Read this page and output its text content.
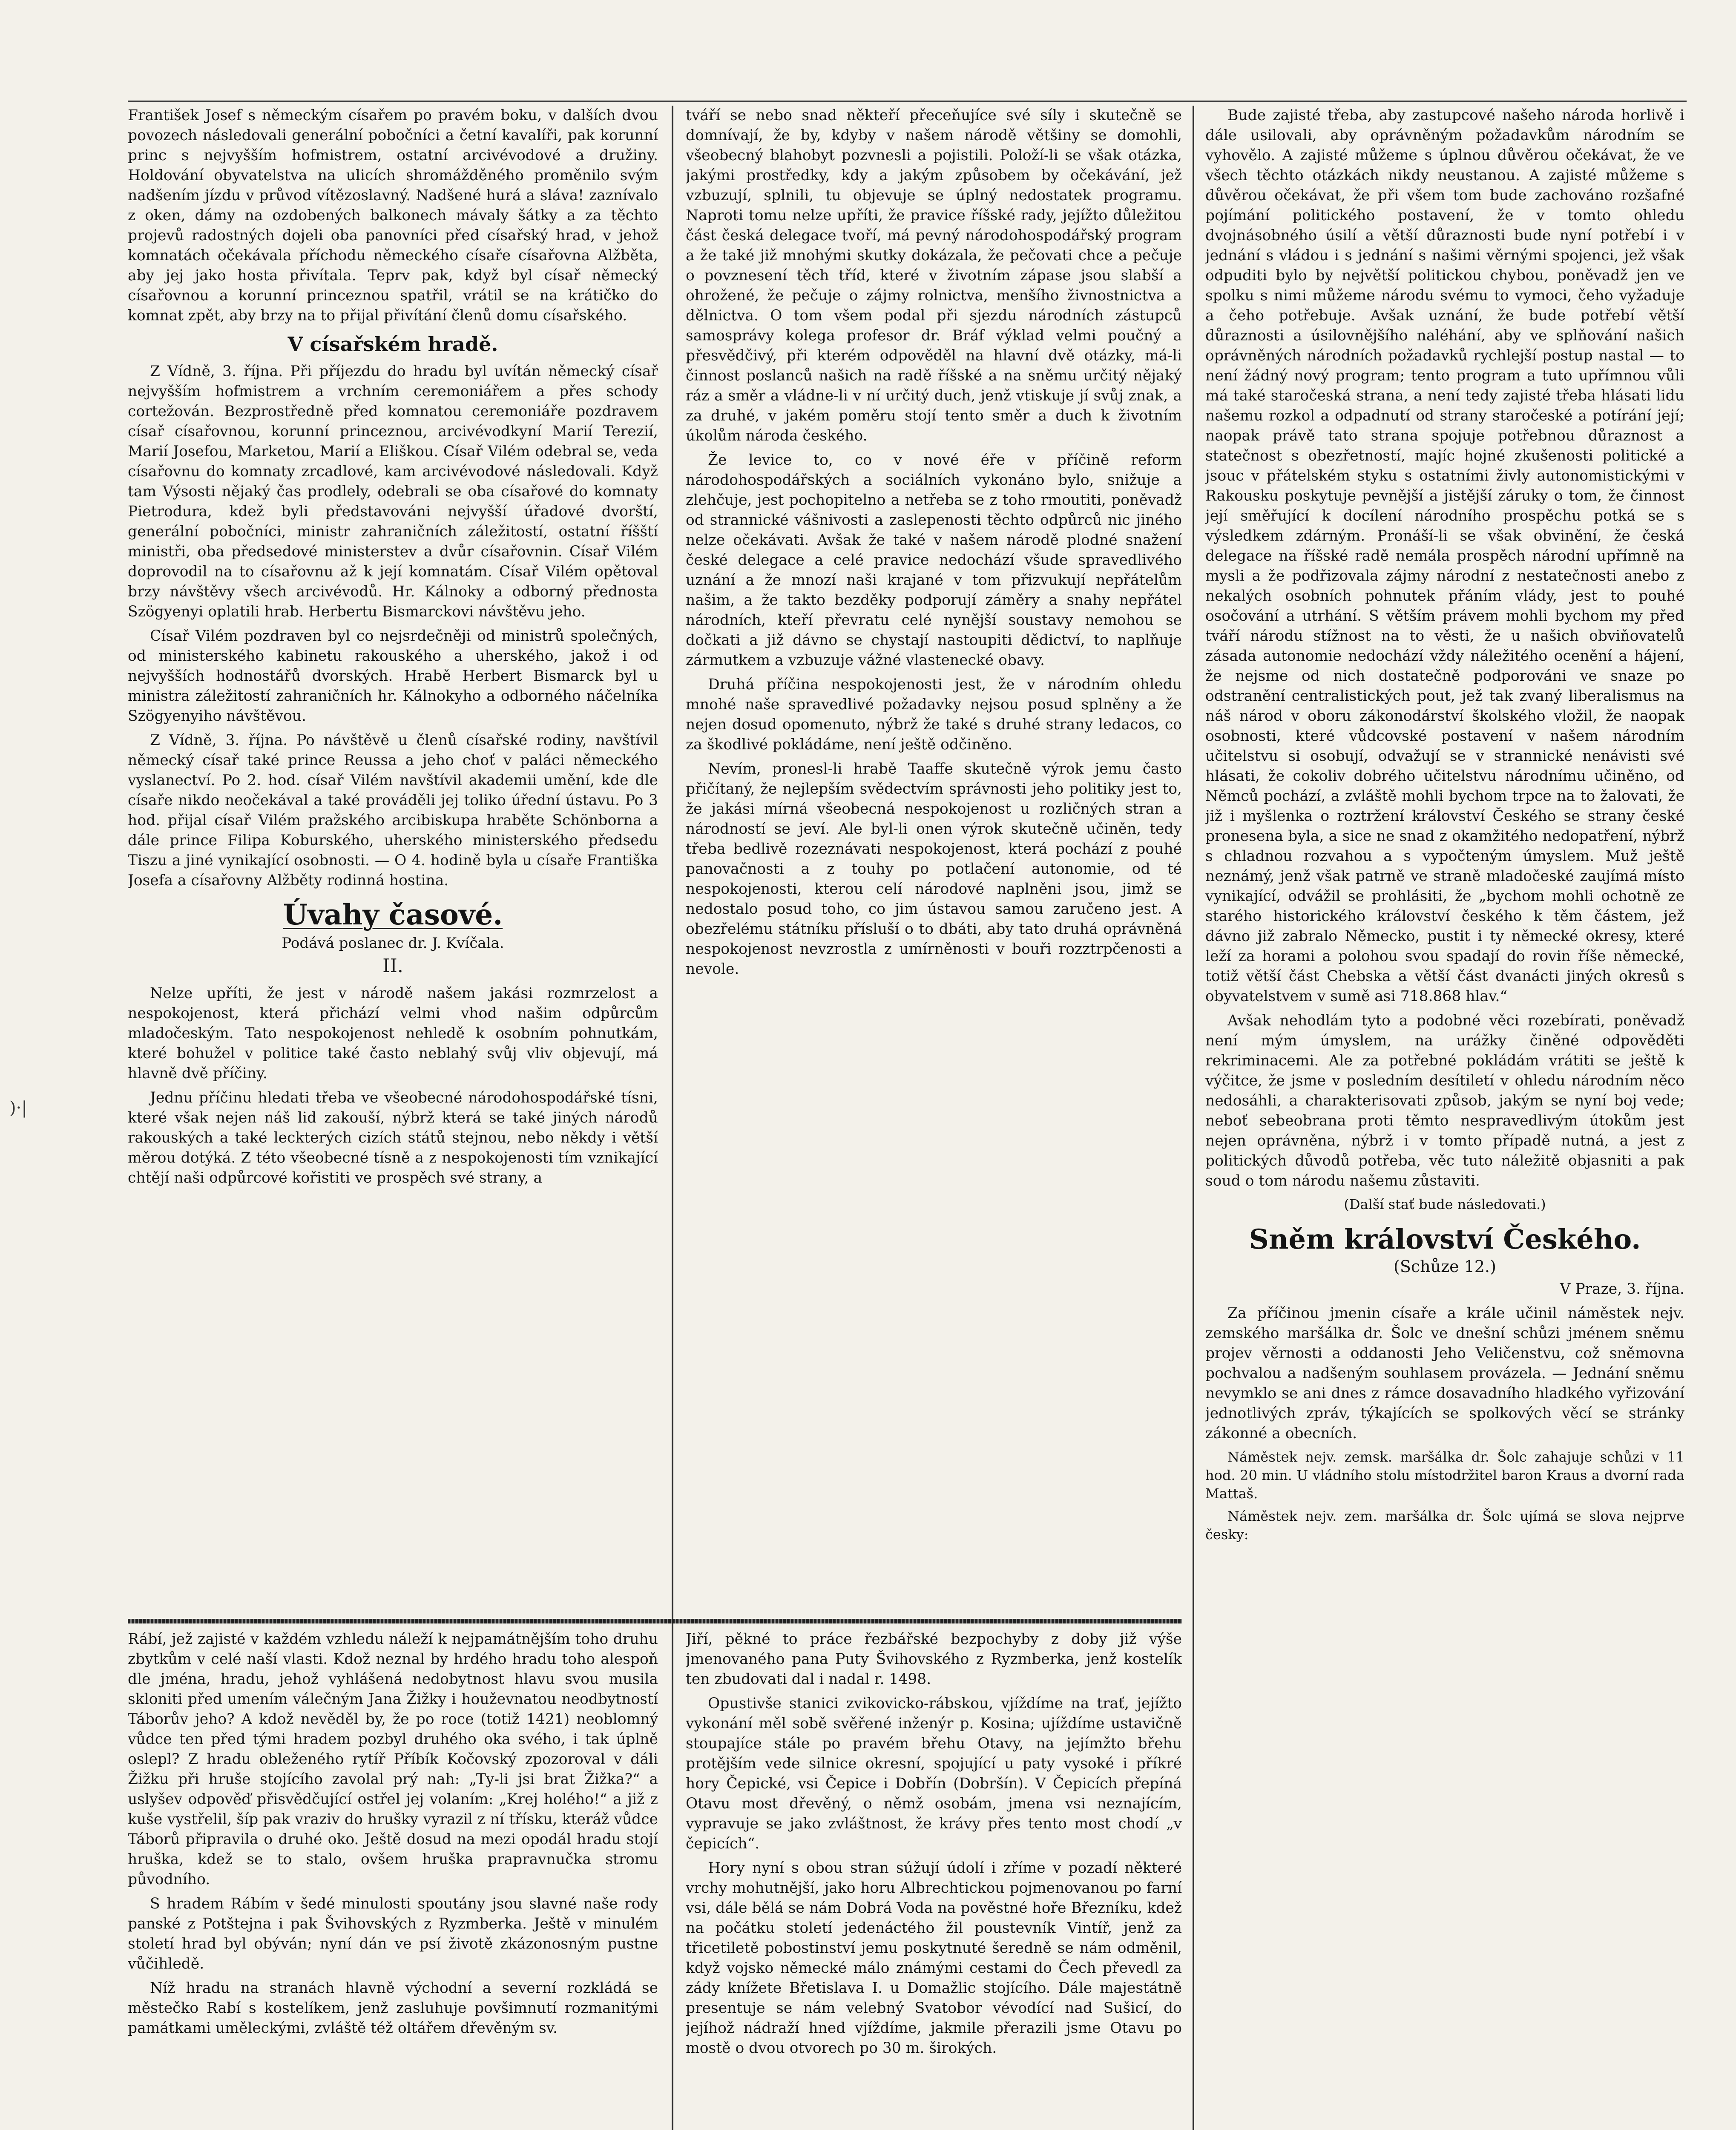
)·|

František Josef s německým císařem po pravém boku, v dalších dvou povozech následovali generální pobočníci a četní kavalíři, pak korunní princ s nejvyšším hofmistrem, ostatní arcivévodové a družiny. Holdování obyvatelstva na ulicích shromážděného proměnilo svým nadšením jízdu v průvod vítězoslavný. Nadšené hurá a sláva! zaznívalo z oken, dámy na ozdobených balkonech mávaly šátky a za těchto projevů radostných dojeli oba panovníci před císařský hrad, v jehož komnatách očekávala příchodu německého císaře císařovna Alžběta, aby jej jako hosta přivítala. Teprv pak, když byl císař německý císařovnou a korunní princeznou spatřil, vrátil se na krátičko do komnat zpět, aby brzy na to přijal přivítání členů domu císařského.

V císařském hradě.

Z Vídně, 3. října. Při příjezdu do hradu byl uvítán německý císař nejvyšším hofmistrem a vrchním ceremoniářem a přes schody cortežován. Bezprostředně před komnatou ceremoniáře pozdravem císař císařovnou, korunní princeznou, arcivévodkyní Marií Terezií, Marií Josefou, Marketou, Marií a Eliškou. Císař Vilém odebral se, veda císařovnu do komnaty zrcadlové, kam arcivévodové následovali. Když tam Výsosti nějaký čas prodlely, odebrali se oba císařové do komnaty Pietrodura, kdež byli představováni nejvyšší úřadové dvorští, generální pobočníci, ministr zahraničních záležitostí, ostatní říšští ministři, oba předsedové ministerstev a dvůr císařovnin. Císař Vilém doprovodil na to císařovnu až k její komnatám. Císař Vilém opětoval brzy návštěvy všech arcivévodů. Hr. Kálnoky a odborný přednosta Szögyenyi oplatili hrab. Herbertu Bismarckovi návštěvu jeho.

Císař Vilém pozdraven byl co nejsrdečněji od ministrů společných, od ministerského kabinetu rakouského a uherského, jakož i od nejvyšších hodnostářů dvorských. Hrabě Herbert Bismarck byl u ministra záležitostí zahraničních hr. Kálnokyho a odborného náčelníka Szögyenyiho návštěvou.

Z Vídně, 3. října. Po návštěvě u členů císařské rodiny, navštívil německý císař také prince Reussa a jeho choť v paláci německého vyslanectví. Po 2. hod. císař Vilém navštívil akademii umění, kde dle císaře nikdo neočekával a také prováděli jej toliko úřední ústavu. Po 3 hod. přijal císař Vilém pražského arcibiskupa hraběte Schönborna a dále prince Filipa Koburského, uherského ministerského předsedu Tiszu a jiné vynikající osobnosti. — O 4. hodině byla u císaře Františka Josefa a císařovny Alžběty rodinná hostina.

Úvahy časové.
Podává poslanec dr. J. Kvíčala.
II.

Nelze upříti, že jest v národě našem jakási rozmrzelost a nespokojenost, která přichází velmi vhod našim odpůrcům mladočeským. Tato nespokojenost nehledě k osobním pohnutkám, které bohužel v politice také často neblahý svůj vliv objevují, má hlavně dvě příčiny.

Jednu příčinu hledati třeba ve všeobecné národohospodářské tísni, které však nejen náš lid zakouší, nýbrž která se také jiných národů rakouských a také leckterých cizích států stejnou, nebo někdy i větší měrou dotýká. Z této všeobecné tísně a z nespokojenosti tím vznikající chtějí naši odpůrcové kořistiti ve prospěch své strany, a

tváří se nebo snad někteří přeceňujíce své síly i skutečně se domnívají, že by, kdyby v našem národě většiny se domohli, všeobecný blahobyt pozvnesli a pojistili. Položí-li se však otázka, jakými prostředky, kdy a jakým způsobem by očekávání, jež vzbuzují, splnili, tu objevuje se úplný nedostatek programu. Naproti tomu nelze upříti, že pravice říšské rady, jejížto důležitou část česká delegace tvoří, má pevný národohospodářský program a že také již mnohými skutky dokázala, že pečovati chce a pečuje o povznesení těch tříd, které v životním zápase jsou slabší a ohrožené, že pečuje o zájmy rolnictva, menšího živnostnictva a dělnictva. O tom všem podal při sjezdu národních zástupců samosprávy kolega profesor dr. Bráf výklad velmi poučný a přesvědčivý, při kterém odpověděl na hlavní dvě otázky, má-li činnost poslanců našich na radě říšské a na sněmu určitý nějaký ráz a směr a vládne-li v ní určitý duch, jenž vtiskuje jí svůj znak, a za druhé, v jakém poměru stojí tento směr a duch k životním úkolům národa českého.

Že levice to, co v nové éře v příčině reform národohospodářských a sociálních vykonáno bylo, snižuje a zlehčuje, jest pochopitelno a netřeba se z toho rmoutiti, poněvadž od strannické vášnivosti a zaslepenosti těchto odpůrců nic jiného nelze očekávati. Avšak že také v našem národě plodné snažení české delegace a celé pravice nedochází všude spravedlivého uznání a že mnozí naši krajané v tom přizvukují nepřátelům našim, a že takto bezděky podporují záměry a snahy nepřátel národních, kteří převratu celé nynější soustavy nemohou se dočkati a již dávno se chystají nastoupiti dědictví, to naplňuje zármutkem a vzbuzuje vážné vlastenecké obavy.

Druhá příčina nespokojenosti jest, že v národním ohledu mnohé naše spravedlivé požadavky nejsou posud splněny a že nejen dosud opomenuto, nýbrž že také s druhé strany ledacos, co za škodlivé pokládáme, není ještě odčiněno.

Nevím, pronesl-li hrabě Taaffe skutečně výrok jemu často přičítaný, že nejlepším svědectvím správnosti jeho politiky jest to, že jakási mírná všeobecná nespokojenost u rozličných stran a národností se jeví. Ale byl-li onen výrok skutečně učiněn, tedy třeba bedlivě rozeznávati nespokojenost, která pochází z pouhé panovačnosti a z touhy po potlačení autonomie, od té nespokojenosti, kterou celí národové naplněni jsou, jimž se nedostalo posud toho, co jim ústavou samou zaručeno jest. A obezřelému státníku přísluší o to dbáti, aby tato druhá oprávněná nespokojenost nevzrostla z umírněnosti v bouři rozztrpčenosti a nevole.

Bude zajisté třeba, aby zastupcové našeho národa horlivě i dále usilovali, aby oprávněným požadavkům národním se vyhovělo. A zajisté můžeme s úplnou důvěrou očekávat, že ve všech těchto otázkách nikdy neustanou. A zajisté můžeme s důvěrou očekávat, že při všem tom bude zachováno rozšafné pojímání politického postavení, že v tomto ohledu dvojnásobného úsilí a větší důraznosti bude nyní potřebí i v jednání s vládou i s jednání s našimi věrnými spojenci, jež však odpuditi bylo by největší politickou chybou, poněvadž jen ve spolku s nimi můžeme národu svému to vymoci, čeho vyžaduje a čeho potřebuje. Avšak uznání, že bude potřebí větší důraznosti a úsilovnějšího naléhání, aby ve splňování našich oprávněných národních požadavků rychlejší postup nastal — to není žádný nový program; tento program a tuto upřímnou vůli má také staročeská strana, a není tedy zajisté třeba hlásati lidu našemu rozkol a odpadnutí od strany staročeské a potírání její; naopak právě tato strana spojuje potřebnou důraznost a statečnost s obezřetností, majíc hojné zkušenosti politické a jsouc v přátelském styku s ostatními živly autonomistickými v Rakousku poskytuje pevnější a jistější záruky o tom, že činnost její směřující k docílení národního prospěchu potká se s výsledkem zdárným. Pronáší-li se však obvinění, že česká delegace na říšské radě nemála prospěch národní upřímně na mysli a že podřizovala zájmy národní z nestatečnosti anebo z nekalých osobních pohnutek přáním vlády, jest to pouhé osočování a utrhání. S větším právem mohli bychom my před tváří národu stížnost na to věsti, že u našich obviňovatelů zásada autonomie nedochází vždy náležitého ocenění a hájení, že nejsme od nich dostatečně podporováni ve snaze po odstranění centralistických pout, jež tak zvaný liberalismus na náš národ v oboru zákonodárství školského vložil, že naopak osobnosti, které vůdcovské postavení v našem národním učitelstvu si osobují, odvažují se v strannické nenávisti své hlásati, že cokoliv dobrého učitelstvu národnímu učiněno, od Němců pochází, a zvláště mohli bychom trpce na to žalovati, že již i myšlenka o roztržení království Českého se strany české pronesena byla, a sice ne snad z okamžitého nedopatření, nýbrž s chladnou rozvahou a s vypočteným úmyslem. Muž ještě neznámý, jenž však patrně ve straně mladočeské zaujímá místo vynikající, odvážil se prohlásiti, že „bychom mohli ochotně ze starého historického království českého k těm částem, jež dávno již zabralo Německo, pustit i ty německé okresy, které leží za horami a polohou svou spadají do rovin říše německé, totiž větší část Chebska a větší část dvanácti jiných okresů s obyvatelstvem v sumě asi 718.868 hlav.“

Avšak nehodlám tyto a podobné věci rozebírati, poněvadž není mým úmyslem, na urážky činěné odpověděti rekriminacemi. Ale za potřebné pokládám vrátiti se ještě k výčitce, že jsme v posledním desítiletí v ohledu národním něco nedosáhli, a charakterisovati způsob, jakým se nyní boj vede; neboť sebeobrana proti těmto nespravedlivým útokům jest nejen oprávněna, nýbrž i v tomto případě nutná, a jest z politických důvodů potřeba, věc tuto náležitě objasniti a pak soud o tom národu našemu zůstaviti.

(Další stať bude následovati.)

Sněm království Českého.
(Schůze 12.)

V Praze, 3. října.

Za příčinou jmenin císaře a krále učinil náměstek nejv. zemského maršálka dr. Šolc ve dnešní schůzi jménem sněmu projev věrnosti a oddanosti Jeho Veličenstvu, což sněmovna pochvalou a nadšeným souhlasem provázela. — Jednání sněmu nevymklo se ani dnes z rámce dosavadního hladkého vyřizování jednotlivých zpráv, týkajících se spolkových věcí se stránky zákonné a obecních.

Náměstek nejv. zemsk. maršálka dr. Šolc zahajuje schůzi v 11 hod. 20 min. U vládního stolu místodržitel baron Kraus a dvorní rada Mattaš.

Náměstek nejv. zem. maršálka dr. Šolc ujímá se slova nejprve česky:

Rábí, jež zajisté v každém vzhledu náleží k nejpamátnějším toho druhu zbytkům v celé naší vlasti. Kdož neznal by hrdého hradu toho alespoň dle jména, hradu, jehož vyhlášená nedobytnost hlavu svou musila skloniti před umením válečným Jana Žižky i houževnatou neodbytností Táborův jeho? A kdož nevěděl by, že po roce (totiž 1421) neoblomný vůdce ten před tými hradem pozbyl druhého oka svého, i tak úplně oslepl? Z hradu obleženého rytíř Příbík Kočovský zpozoroval v dáli Žižku při hruše stojícího zavolal prý nah: „Ty-li jsi brat Žižka?“ a uslyšev odpověď přisvědčující ostřel jej volaním: „Krej holého!“ a již z kuše vystřelil, šíp pak vraziv do hrušky vyrazil z ní třísku, kteráž vůdce Táborů připravila o druhé oko. Ještě dosud na mezi opodál hradu stojí hruška, kdež se to stalo, ovšem hruška prapravnučka stromu původního.

S hradem Rábím v šedé minulosti spoutány jsou slavné naše rody panské z Potštejna i pak Švihovských z Ryzmberka. Ještě v minulém století hrad byl obýván; nyní dán ve psí životě zkázonosným pustne vůčihledě.

Níž hradu na stranách hlavně východní a severní rozkládá se městečko Rabí s kostelíkem, jenž zasluhuje povšimnutí rozmanitými památkami uměleckými, zvláště též oltářem dřevěným sv.

Jiří, pěkné to práce řezbářské bezpochyby z doby již výše jmenovaného pana Puty Švihovského z Ryzmberka, jenž kostelík ten zbudovati dal i nadal r. 1498.

Opustivše stanici zvikovicko-rábskou, vjíždíme na trať, jejížto vykonání měl sobě svěřené inženýr p. Kosina; ujíždíme ustavičně stoupajíce stále po pravém břehu Otavy, na jejímžto břehu protějším vede silnice okresní, spojující u paty vysoké i příkré hory Čepické, vsi Čepice i Dobřín (Dobršín). V Čepicích přepíná Otavu most dřevěný, o němž osobám, jmena vsi neznajícím, vypravuje se jako zvláštnost, že krávy přes tento most chodí „v čepicích“.

Hory nyní s obou stran súžují údolí i zříme v pozadí některé vrchy mohutnější, jako horu Albrechtickou pojmenovanou po farní vsi, dále bělá se nám Dobrá Voda na pověstné hoře Březníku, kdež na počátku století jedenáctého žil poustevník Vintíř, jenž za třicetiletě pobostinství jemu poskytnuté šeredně se nám odměnil, když vojsko německé málo známými cestami do Čech převedl za zády knížete Břetislava I. u Domažlic stojícího. Dále majestátně presentuje se nám velebný Svatobor vévodící nad Sušicí, do jejíhož nádraží hned vjíždíme, jakmile přerazili jsme Otavu po mostě o dvou otvorech po 30 m. širokých.
